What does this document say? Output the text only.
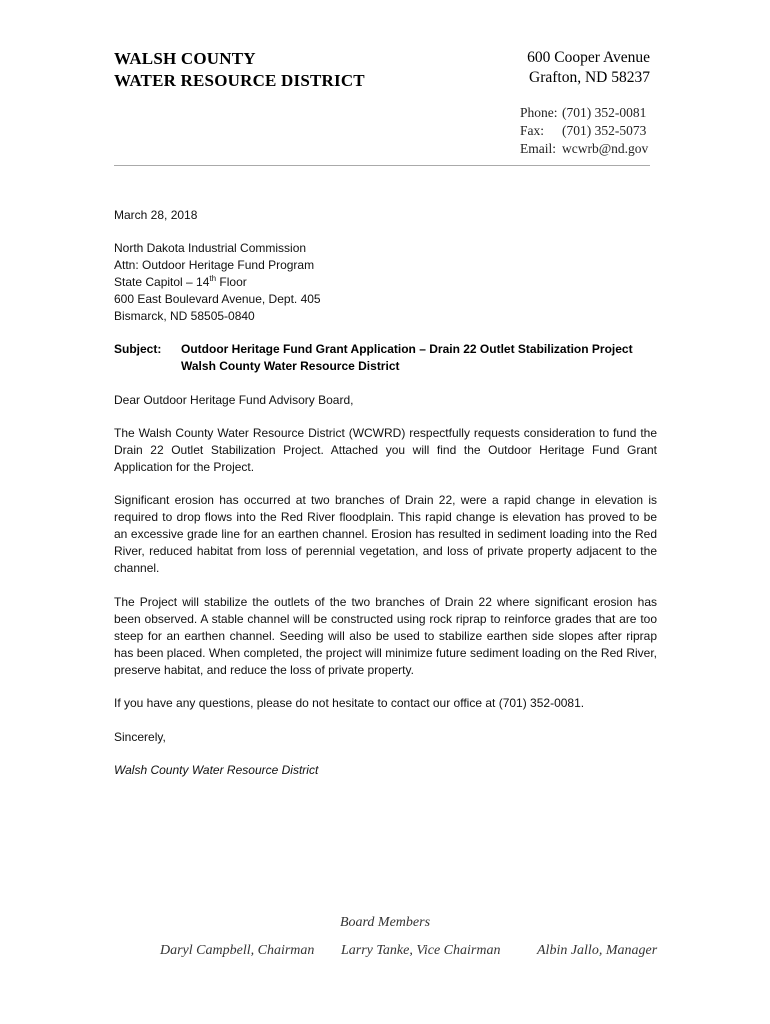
WALSH COUNTY
WATER RESOURCE DISTRICT
600 Cooper Avenue
Grafton, ND 58237
Phone: (701) 352-0081
Fax: (701) 352-5073
Email: wcwrb@nd.gov
March 28, 2018
North Dakota Industrial Commission
Attn: Outdoor Heritage Fund Program
State Capitol – 14th Floor
600 East Boulevard Avenue, Dept. 405
Bismarck, ND 58505-0840
Subject: Outdoor Heritage Fund Grant Application – Drain 22 Outlet Stabilization Project
Walsh County Water Resource District
Dear Outdoor Heritage Fund Advisory Board,
The Walsh County Water Resource District (WCWRD) respectfully requests consideration to fund the Drain 22 Outlet Stabilization Project. Attached you will find the Outdoor Heritage Fund Grant Application for the Project.
Significant erosion has occurred at two branches of Drain 22, were a rapid change in elevation is required to drop flows into the Red River floodplain. This rapid change is elevation has proved to be an excessive grade line for an earthen channel. Erosion has resulted in sediment loading into the Red River, reduced habitat from loss of perennial vegetation, and loss of private property adjacent to the channel.
The Project will stabilize the outlets of the two branches of Drain 22 where significant erosion has been observed. A stable channel will be constructed using rock riprap to reinforce grades that are too steep for an earthen channel. Seeding will also be used to stabilize earthen side slopes after riprap has been placed. When completed, the project will minimize future sediment loading on the Red River, preserve habitat, and reduce the loss of private property.
If you have any questions, please do not hesitate to contact our office at (701) 352-0081.
Sincerely,
Walsh County Water Resource District
Board Members
Daryl Campbell, Chairman Larry Tanke, Vice Chairman	Albin Jallo, Manager
